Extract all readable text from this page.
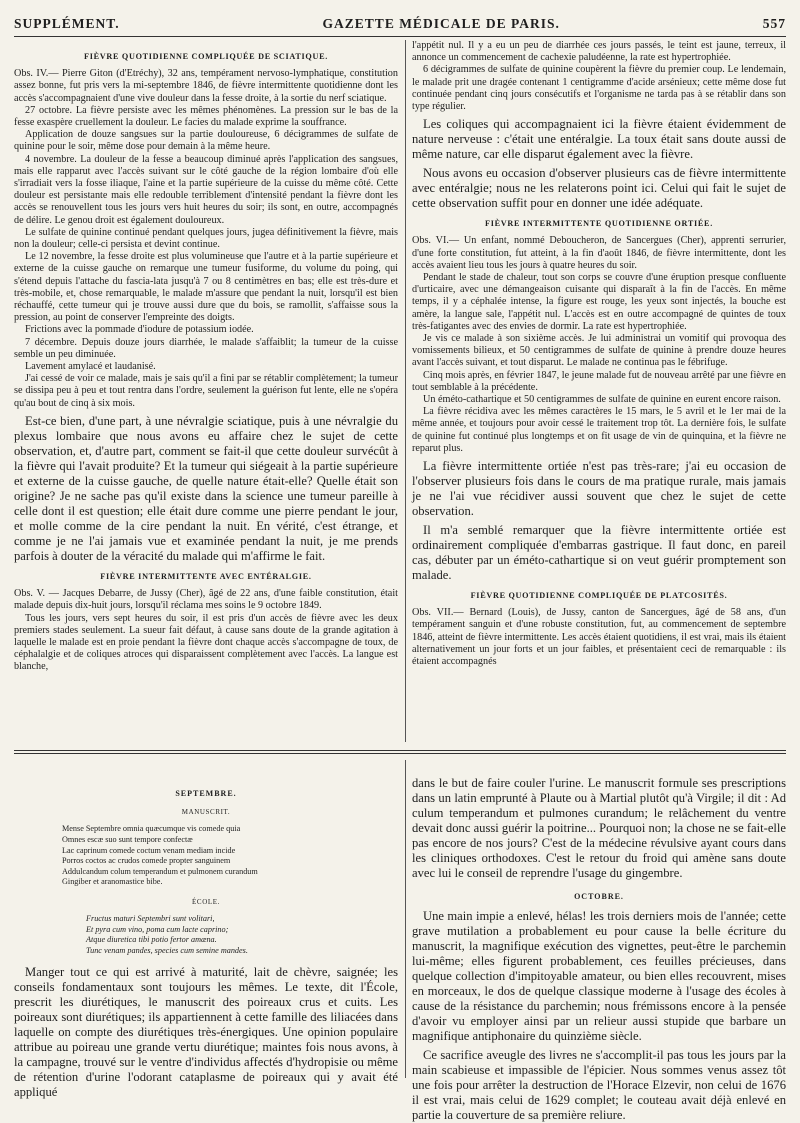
SUPPLÉMENT.	GAZETTE MÉDICALE DE PARIS.	557
FIÈVRE QUOTIDIENNE COMPLIQUÉE DE SCIATIQUE.

Obs. IV.— Pierre Giton (d'Etréchy), 32 ans, tempérament nervoso-lymphatique, constitution assez bonne, fut pris vers la mi-septembre 1846, de fièvre intermittente quotidienne dont les accès s'accompagnaient d'une vive douleur dans la fesse droite, à la sortie du nerf sciatique.

27 octobre. La fièvre persiste avec les mêmes phénomènes. La pression sur le bas de la fesse exaspère cruellement la douleur. Le facies du malade exprime la souffrance.

Application de douze sangsues sur la partie douloureuse, 6 décigrammes de sulfate de quinine pour le soir, même dose pour demain à la même heure.

4 novembre. La douleur de la fesse a beaucoup diminué après l'application des sangsues, mais elle rapparut avec l'accès suivant sur le côté gauche de la région lombaire d'où elle s'irradiait vers la fosse iliaque, l'aine et la partie supérieure de la cuisse du même côté. Cette douleur est persistante mais elle redouble terriblement d'intensité pendant la fièvre dont les accès se renouvellent tous les jours vers huit heures du soir; ils sont, en outre, accompagnés de délire. Le genou droit est également douloureux.

Le sulfate de quinine continué pendant quelques jours, jugea définitivement la fièvre, mais non la douleur; celle-ci persista et devint continue.

Le 12 novembre, la fesse droite est plus volumineuse que l'autre et à la partie supérieure et externe de la cuisse gauche on remarque une tumeur fusiforme, du volume du poing, qui s'étend depuis l'attache du fascia-lata jusqu'à 7 ou 8 centimètres en bas; elle est très-dure et très-mobile, et, chose remarquable, le malade m'assure que pendant la nuit, lorsqu'il est bien réchauffé, cette tumeur qui je trouve aussi dure que du bois, se ramollit, s'affaisse sous la pression, au point de conserver l'empreinte des doigts.

Frictions avec la pommade d'iodure de potassium iodée.

7 décembre. Depuis douze jours diarrhée, le malade s'affaiblit; la tumeur de la cuisse semble un peu diminuée.

Lavement amylacé et laudanisé.

J'ai cessé de voir ce malade, mais je sais qu'il a fini par se rétablir complètement; la tumeur se dissipa peu à peu et tout rentra dans l'ordre, seulement la guérison fut lente, elle ne s'opéra qu'au bout de cinq à six mois.

Est-ce bien, d'une part, à une névralgie sciatique, puis à une névralgie du plexus lombaire que nous avons eu affaire chez le sujet de cette observation, et, d'autre part, comment se fait-il que cette douleur survécût à la fièvre qui l'avait produite? Et la tumeur qui siégeait à la partie supérieure et externe de la cuisse gauche, de quelle nature était-elle? Quelle était son origine? Je ne sache pas qu'il existe dans la science une tumeur pareille à celle dont il est question; elle était dure comme une pierre pendant le jour, et molle comme de la cire pendant la nuit. En vérité, c'est étrange, et comme je ne l'ai jamais vue et examinée pendant la nuit, je me prends parfois à douter de la véracité du malade qui m'affirme le fait.

FIÈVRE INTERMITTENTE AVEC ENTÉRALGIE.

Obs. V. — Jacques Debarre, de Jussy (Cher), âgé de 22 ans, d'une faible constitution, était malade depuis dix-huit jours, lorsqu'il réclama mes soins le 9 octobre 1849.

Tous les jours, vers sept heures du soir, il est pris d'un accès de fièvre avec les deux premiers stades seulement. La sueur fait défaut, à cause sans doute de la grande agitation à laquelle le malade est en proie pendant la fièvre dont chaque accès s'accompagne de toux, de céphalalgie et de coliques atroces qui disparaissent complètement avec l'accès. La langue est blanche,

l'appétit nul. Il y a eu un peu de diarrhée ces jours passés, le teint est jaune, terreux, il annonce un commencement de cachexie paludéenne, la rate est hypertrophiée.

6 décigrammes de sulfate de quinine coupèrent la fièvre du premier coup. Le lendemain, le malade prit une dragée contenant 1 centigramme d'acide arsénieux; cette même dose fut continuée pendant cinq jours consécutifs et l'organisme ne tarda pas à se rétablir dans son type régulier.

Les coliques qui accompagnaient ici la fièvre étaient évidemment de nature nerveuse : c'était une entéralgie. La toux était sans doute aussi de même nature, car elle disparut également avec la fièvre.

Nous avons eu occasion d'observer plusieurs cas de fièvre intermittente avec entéralgie; nous ne les relaterons point ici. Celui qui fait le sujet de cette observation suffit pour en donner une idée adéquate.

FIÈVRE INTERMITTENTE QUOTIDIENNE ORTIÉE.

Obs. VI.— Un enfant, nommé Deboucheron, de Sancergues (Cher), apprenti serrurier, d'une forte constitution, fut atteint, à la fin d'août 1846, de fièvre intermittente, dont les accès avaient lieu tous les jours à quatre heures du soir.

Pendant le stade de chaleur, tout son corps se couvre d'une éruption presque confluente d'urticaire, avec une démangeaison cuisante qui disparaît à la fin de l'accès. En même temps, il y a céphalée intense, la figure est rouge, les yeux sont injectés, la bouche est amère, la langue sale, l'appétit nul. L'accès est en outre accompagné de quintes de toux très-fatigantes avec des envies de dormir. La rate est hypertrophiée.

Je vis ce malade à son sixième accès. Je lui administrai un vomitif qui provoqua des vomissements bilieux, et 50 centigrammes de sulfate de quinine à prendre douze heures avant l'accès suivant, et tout disparut. Le malade ne continua pas le fébrifuge.

Cinq mois après, en février 1847, le jeune malade fut de nouveau arrêté par une fièvre en tout semblable à la précédente.

Un éméto-cathartique et 50 centigrammes de sulfate de quinine en eurent encore raison.

La fièvre récidiva avec les mêmes caractères le 15 mars, le 5 avril et le 1er mai de la même année, et toujours pour avoir cessé le traitement trop tôt. La dernière fois, le sulfate de quinine fut continué plus longtemps et on fit usage de vin de quinquina, et la fièvre ne reparut plus.

La fièvre intermittente ortiée n'est pas très-rare; j'ai eu occasion de l'observer plusieurs fois dans le cours de ma pratique rurale, mais jamais je ne l'ai vue récidiver aussi souvent que chez le sujet de cette observation.

Il m'a semblé remarquer que la fièvre intermittente ortiée est ordinairement compliquée d'embarras gastrique. Il faut donc, en pareil cas, débuter par un éméto-cathartique si on veut guérir promptement son malade.

FIÈVRE QUOTIDIENNE COMPLIQUÉE DE PLATCOSITÉS.

Obs. VII.— Bernard (Louis), de Jussy, canton de Sancergues, âgé de 58 ans, d'un tempérament sanguin et d'une robuste constitution, fut, au commencement de septembre 1846, atteint de fièvre intermittente. Les accès étaient quotidiens, il est vrai, mais ils étaient alternativement un jour forts et un jour faibles, et présentaient ceci de remarquable : ils étaient accompagnés

SEPTEMBRE.
MANUSCRIT.
Mense Septembre omnia quæcumque vis comede quia
Omnes escæ suo sunt tempore confectæ
Lac caprinum comede coctum venam mediam incide
Porros coctos ac crudos comede propter sanguinem
Addulcandum colum temperandum et pulmonem curandum
Gingiber et aranomastice bibe.
ÉCOLE.
Fructus maturi Septembri sunt volitari,
Et pyra cum vino, poma cum lacte caprino;
Atque diuretica tibi potio fertor amæna.
Tunc venam pandes, species cum semine mandes.

Manger tout ce qui est arrivé à maturité, lait de chèvre, saignée; les conseils fondamentaux sont toujours les mêmes. Le texte, dit l'École, prescrit les diurétiques, le manuscrit des poireaux crus et cuits. Les poireaux sont diurétiques; ils appartiennent à cette famille des liliacées dans laquelle on compte des diurétiques très-énergiques. Une opinion populaire attribue au poireau une grande vertu diurétique; maintes fois nous avons, à la campagne, trouvé sur le ventre d'individus affectés d'hydropisie ou même de rétention d'urine l'odorant cataplasme de poireaux qui y avait été appliqué

dans le but de faire couler l'urine. Le manuscrit formule ses prescriptions dans un latin emprunté à Plaute ou à Martial plutôt qu'à Virgile; il dit : Ad culum temperandum et pulmones curandum; le relâchement du ventre devait donc aussi guérir la poitrine... Pourquoi non; la chose ne se fait-elle pas encore de nos jours? C'est de la médecine révulsive ayant cours dans les cliniques orthodoxes. C'est le retour du froid qui amène sans doute avec lui le conseil de reprendre l'usage du gingembre.

OCTOBRE.

Une main impie a enlevé, hélas! les trois derniers mois de l'année; cette grave mutilation a probablement eu pour cause la belle écriture du manuscrit, la magnifique exécution des vignettes, peut-être le parchemin lui-même; elles figurent probablement, ces feuilles précieuses, dans quelque collection d'impitoyable amateur, ou bien elles recouvrent, mises en morceaux, le dos de quelque classique moderne à l'usage des écoles à cause de la résistance du parchemin; nous frémissons encore à la pensée d'avoir vu employer ainsi par un relieur aussi stupide que barbare un magnifique antiphonaire du quinzième siècle.

Ce sacrifice aveugle des livres ne s'accomplit-il pas tous les jours par la main scabieuse et impassible de l'épicier. Nous sommes venus assez tôt une fois pour arrêter la destruction de l'Horace Elzevir, non celui de 1676 il est vrai, mais celui de 1629 complet; le couteau avait déjà enlevé en partie la couverture de sa première reliure.
